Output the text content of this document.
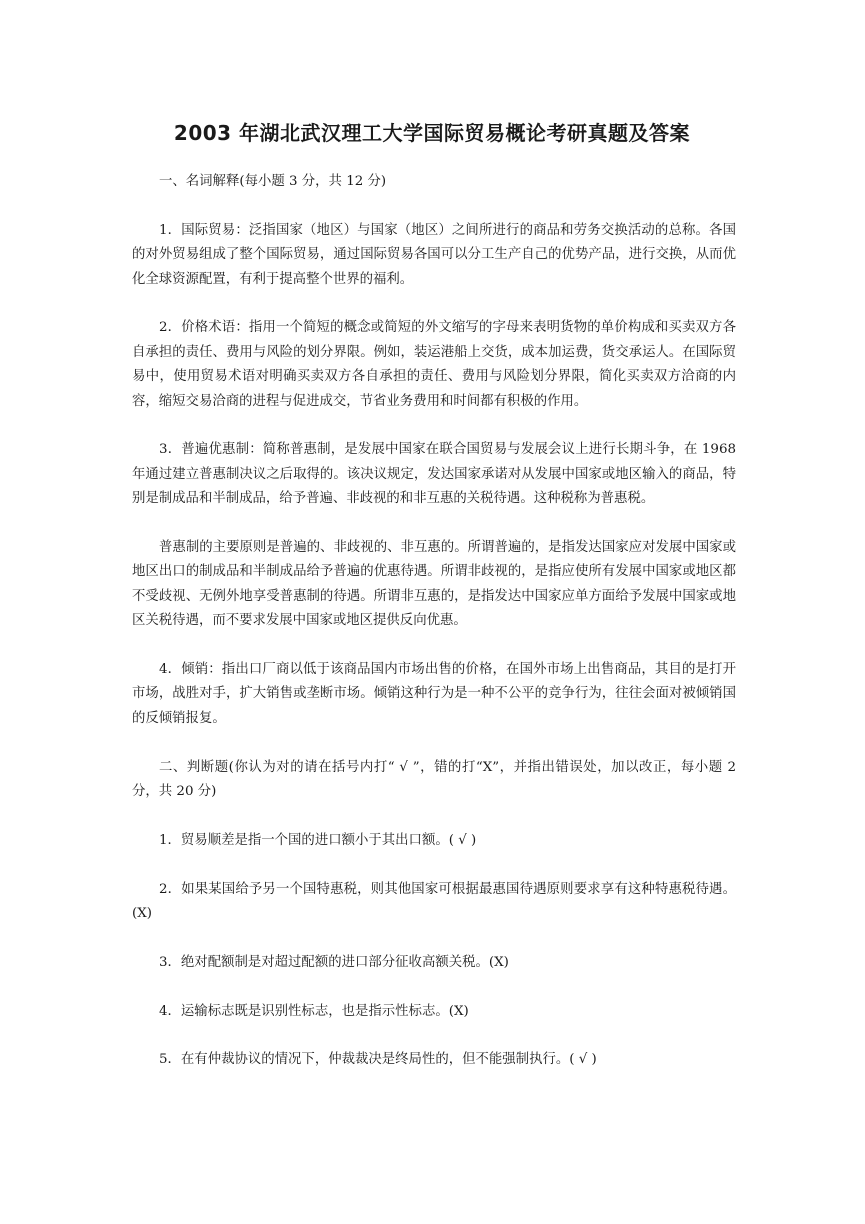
2003 年湖北武汉理工大学国际贸易概论考研真题及答案

一、名词解释(每小题 3 分，共 12 分)

1．国际贸易：泛指国家（地区）与国家（地区）之间所进行的商品和劳务交换活动的总称。各国的对外贸易组成了整个国际贸易，通过国际贸易各国可以分工生产自己的优势产品，进行交换，从而优化全球资源配置，有利于提高整个世界的福利。

2．价格术语：指用一个简短的概念或简短的外文缩写的字母来表明货物的单价构成和买卖双方各自承担的责任、费用与风险的划分界限。例如，装运港船上交货，成本加运费，货交承运人。在国际贸易中，使用贸易术语对明确买卖双方各自承担的责任、费用与风险划分界限，简化买卖双方洽商的内容，缩短交易洽商的进程与促进成交，节省业务费用和时间都有积极的作用。

3．普遍优惠制：简称普惠制，是发展中国家在联合国贸易与发展会议上进行长期斗争，在 1968 年通过建立普惠制决议之后取得的。该决议规定，发达国家承诺对从发展中国家或地区输入的商品，特别是制成品和半制成品，给予普遍、非歧视的和非互惠的关税待遇。这种税称为普惠税。

普惠制的主要原则是普遍的、非歧视的、非互惠的。所谓普遍的，是指发达国家应对发展中国家或地区出口的制成品和半制成品给予普遍的优惠待遇。所谓非歧视的，是指应使所有发展中国家或地区都不受歧视、无例外地享受普惠制的待遇。所谓非互惠的，是指发达中国家应单方面给予发展中国家或地区关税待遇，而不要求发展中国家或地区提供反向优惠。

4．倾销：指出口厂商以低于该商品国内市场出售的价格，在国外市场上出售商品，其目的是打开市场，战胜对手，扩大销售或垄断市场。倾销这种行为是一种不公平的竞争行为，往往会面对被倾销国的反倾销报复。

二、判断题(你认为对的请在括号内打“ √ ”，错的打“X”，并指出错误处，加以改正，每小题 2 分，共 20 分)

1．贸易顺差是指一个国的进口额小于其出口额。( √ )

2．如果某国给予另一个国特惠税，则其他国家可根据最惠国待遇原则要求享有这种特惠税待遇。(X)

3．绝对配额制是对超过配额的进口部分征收高额关税。(X)

4．运输标志既是识别性标志，也是指示性标志。(X)

5．在有仲裁协议的情况下，仲裁裁决是终局性的，但不能强制执行。( √ )
